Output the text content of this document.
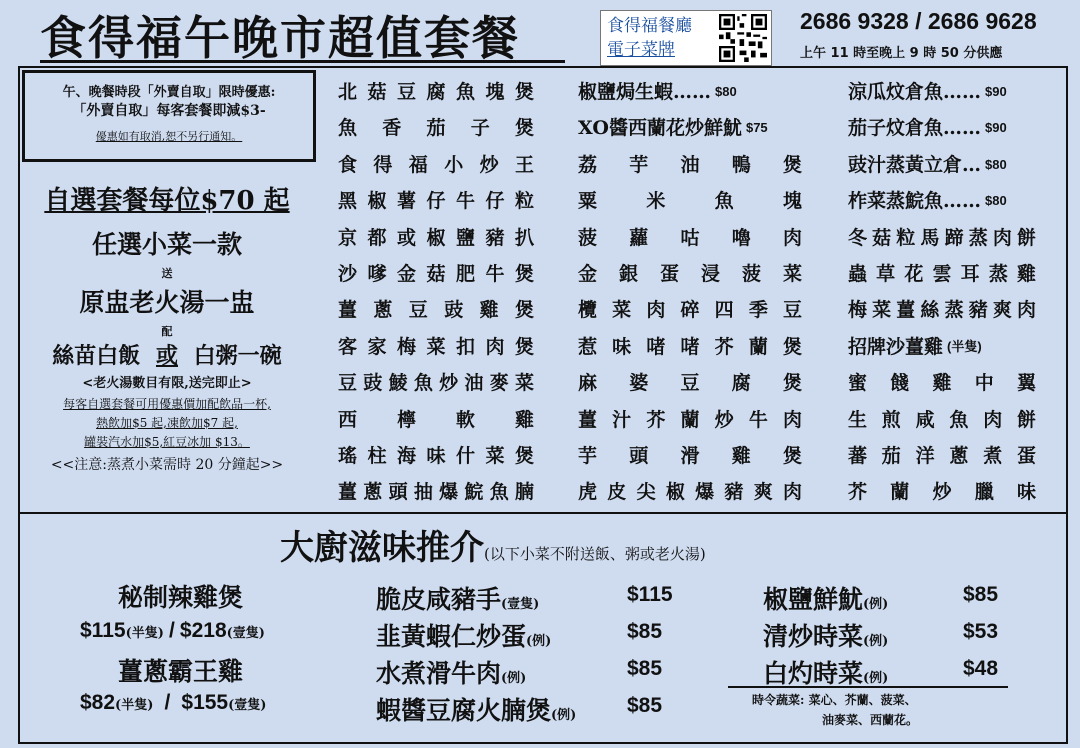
食得福午晚市超值套餐	食得福餐廳
電子菜牌
2686 9328 / 2686 9628
上午 11 時至晚上 9 時 50 分供應
午、晚餐時段「外賣自取」限時優惠:
「外賣自取」每客套餐即減$3-
優惠如有取消,恕不另行通知。
自選套餐每位$70 起
任選小菜一款
送
原盅老火湯一盅
配
絲苗白飯 或 白粥一碗
<老火湯數目有限,送完即止>
每客自選套餐可用優惠價加配飲品一杯,
熱飲加$5 起,凍飲加$7 起,
罐裝汽水加$5,紅豆冰加 $13。
<<注意:蒸煮小菜需時 20 分鐘起>>
北菇豆腐魚塊煲
魚香茄子煲
食得福小炒王
黑椒薯仔牛仔粒
京都或椒鹽豬扒
沙嗲金菇肥牛煲
薑蔥豆豉雞煲
客家梅菜扣肉煲
豆豉鯪魚炒油麥菜
西檸軟雞
瑤柱海味什菜煲
薑蔥頭抽爆鯇魚腩
椒鹽焗生蝦…… $80
XO醬西蘭花炒鮮魷 $75
荔芋油鴨煲
粟米魚塊
菠蘿咕嚕肉
金銀蛋浸菠菜
欖菜肉碎四季豆
惹味啫啫芥蘭煲
麻婆豆腐煲
薑汁芥蘭炒牛肉
芋頭滑雞煲
虎皮尖椒爆豬爽肉
涼瓜炆倉魚…… $90
茄子炆倉魚…… $90
豉汁蒸黃立倉… $80
柞菜蒸鯇魚…… $80
冬菇粒馬蹄蒸肉餅
蟲草花雲耳蒸雞
梅菜薑絲蒸豬爽肉
招牌沙薑雞 (半隻)
蜜餞雞中翼
生煎咸魚肉餅
蕃茄洋蔥煮蛋
芥蘭炒臘味
大廚滋味推介(以下小菜不附送飯、粥或老火湯)
秘制辣雞煲
$115(半隻) / $218(壹隻)
薑蔥霸王雞
$82(半隻) / $155(壹隻)
脆皮咸豬手(壹隻)	$115
韭黃蝦仁炒蛋(例)	$85
水煮滑牛肉(例)	$85
蝦醬豆腐火腩煲(例) $85
椒鹽鮮魷(例)	$85
清炒時菜(例)	$53
白灼時菜(例)	$48
時令蔬菜: 菜心、芥蘭、菠菜、
油麥菜、西蘭花。
